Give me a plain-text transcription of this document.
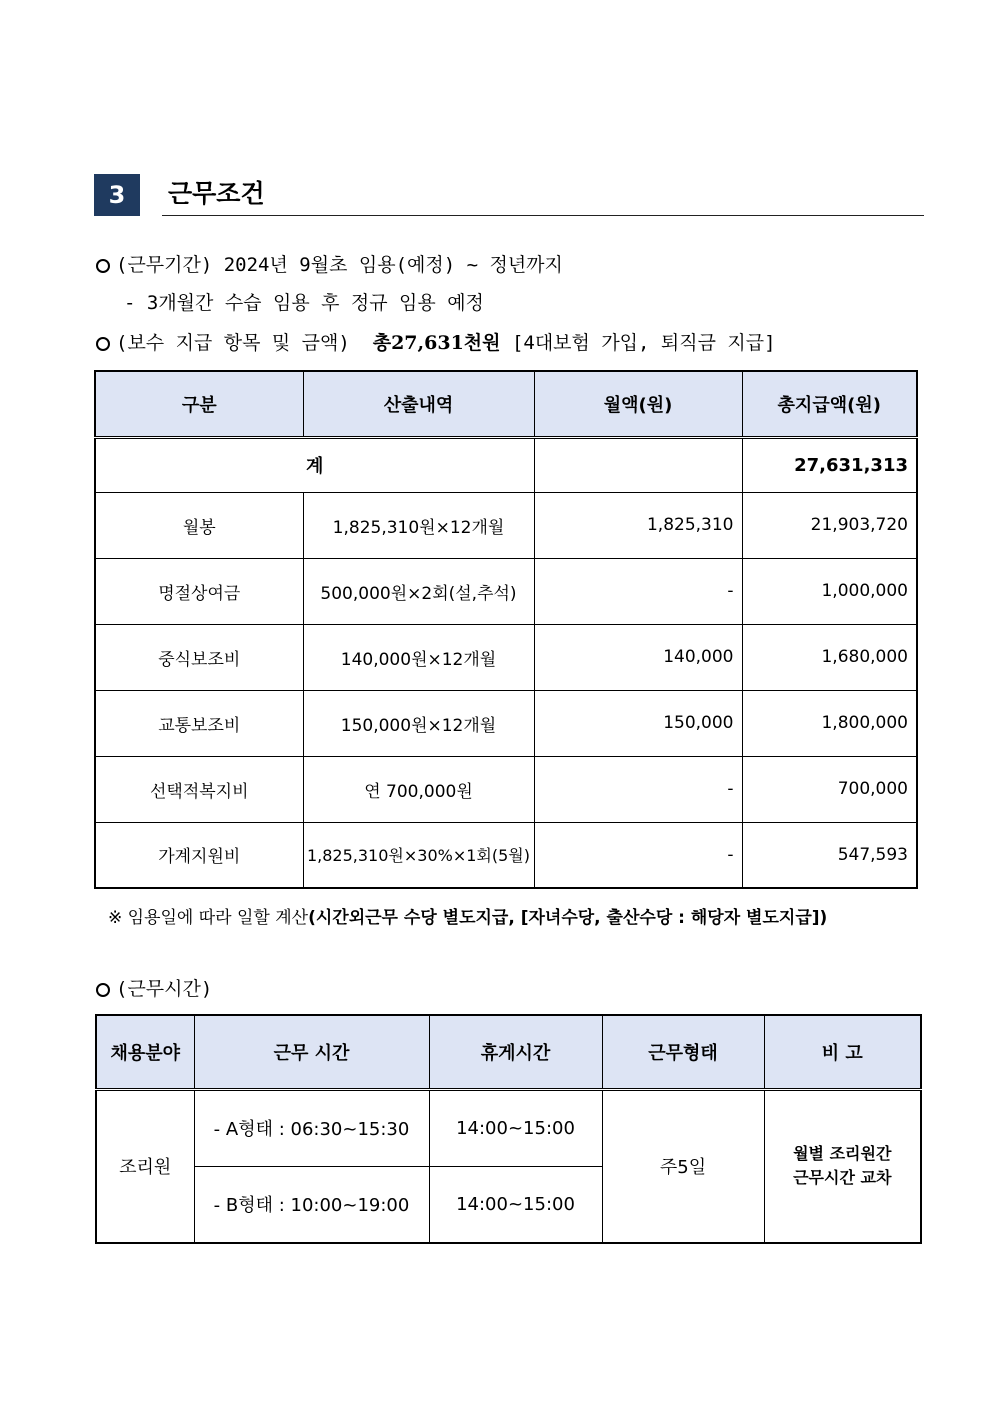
3	근무조건
(근무기간) 2024년 9월초 임용(예정) ~ 정년까지
- 3개월간 수습 임용 후 정규 임용 예정
(보수 지급 항목 및 금액) 총27,631천원 [4대보험 가입, 퇴직금 지급]
구분	산출내역	월액(원)	총지급액(원)
계			27,631,313
월봉	1,825,310원×12개월	1,825,310	21,903,720
명절상여금	500,000원×2회(설,추석)	-	1,000,000
중식보조비	140,000원×12개월	140,000	1,680,000
교통보조비	150,000원×12개월	150,000	1,800,000
선택적복지비	연 700,000원	-	700,000
가계지원비	1,825,310원×30%×1회(5월)	-	547,593
※ 임용일에 따라 일할 계산(시간외근무 수당 별도지급, [자녀수당, 출산수당 : 해당자 별도지급])
(근무시간)
채용분야	근무 시간	휴게시간	근무형태	비 고
조리원	- A형태 : 06:30~15:30	14:00~15:00	주5일	월별 조리원간
근무시간 교차

	- B형태 : 10:00~19:00	14:00~15:00		
